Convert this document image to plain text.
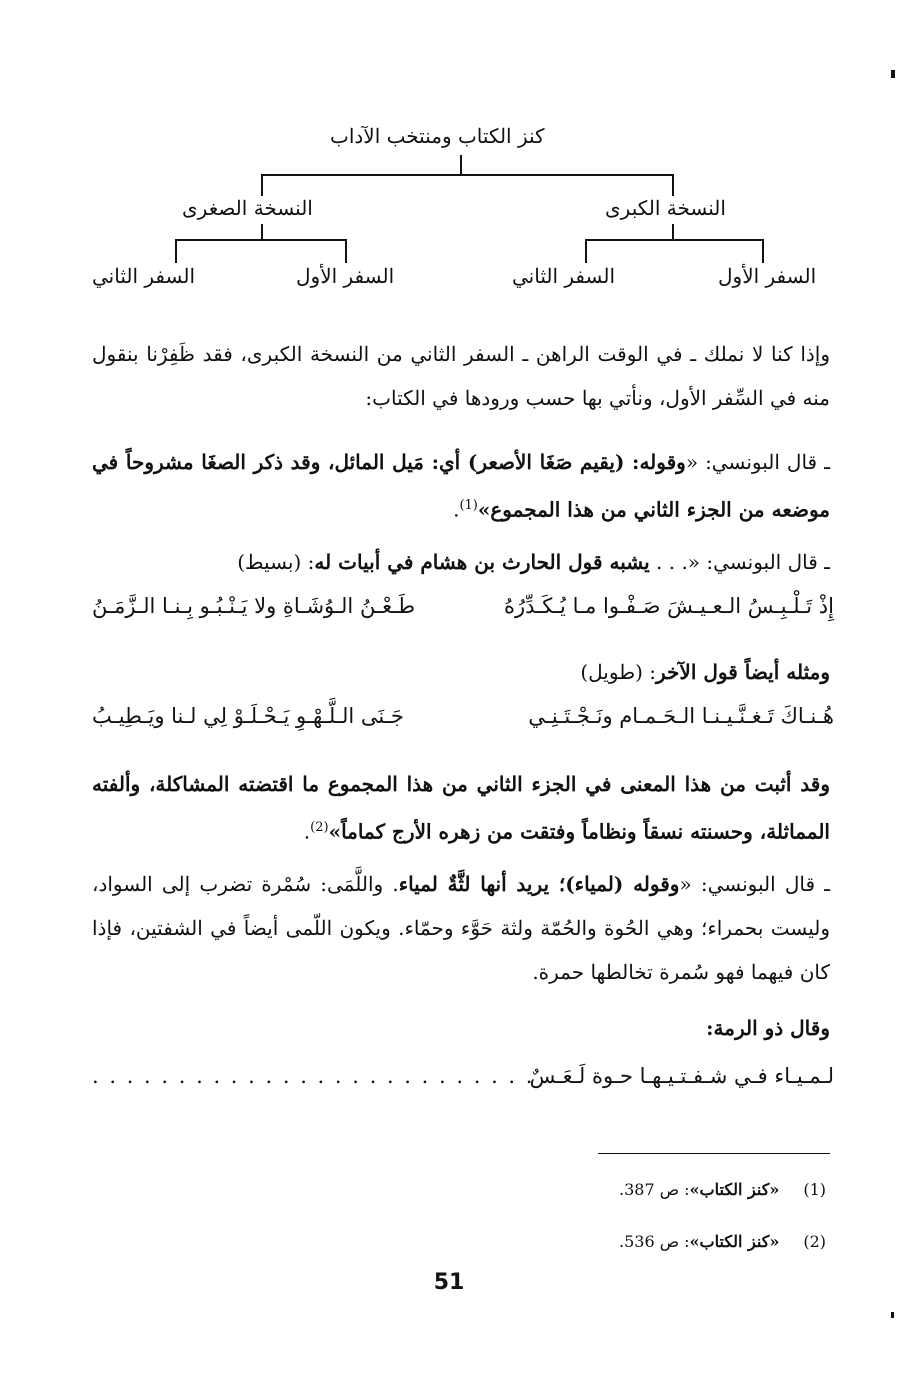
كنز الكتاب ومنتخب الآداب
النسخة الكبرى
النسخة الصغرى
السفر الأول
السفر الثاني
السفر الأول
السفر الثاني
وإذا كنا لا نملك ـ في الوقت الراهن ـ السفر الثاني من النسخة الكبرى، فقد ظَفِرْنا بنقول منه في السِّفر الأول، ونأتي بها حسب ورودها في الكتاب:
ـ قال البونسي: «وقوله: (يقيم صَغَا الأصعر) أي: مَيل المائل، وقد ذكر الصغَا مشروحاً في موضعه من الجزء الثاني من هذا المجموع»$^{(1)}$.
ـ قال البونسي: «. . . يشبه قول الحارث بن هشام في أبيات له: (بسيط)
إِذْ تَـلْـبِـسُ الـعـيـشَ صَـفْـوا مـا يُـكَـدِّرُهُ
طَـعْـنُ الـوُشَـاةِ ولا يَـنْـبُـو بِـنـا الـزَّمَـنُ
ومثله أيضاً قول الآخر: (طويل)
هُـنـاكَ تَـغـنَّـيـنـا الـحَـمـام ونَـجْـتَـنِـي
جَـنَى الـلَّـهْـوِ يَـحْـلَـوْ لِي لـنا ويَـطِيـبُ
وقد أثبت من هذا المعنى في الجزء الثاني من هذا المجموع ما اقتضته المشاكلة، وألفته المماثلة، وحسنته نسقاً ونظاماً وفتقت من زهره الأرج كماماً»$^{(2)}$.
ـ قال البونسي: «وقوله (لمياء)؛ يريد أنها لثَّةٌ لمياء. واللَّمَى: سُمْرة تضرب إلى السواد، وليست بحمراء؛ وهي الحُوة والحُمّة ولثة حَوَّء وحمّاء. ويكون اللّمى أيضاً في الشفتين، فإذا كان فيهما فهو سُمرة تخالطها حمرة.
وقال ذو الرمة:
لـمـيـاء فـي شـفـتـيـهـا حـوة لَـعَـسٌ
. . . . . . . . . . . . . . . . . . . . . . . . . .
(1)«كنز الكتاب»: ص 387.
(2)«كنز الكتاب»: ص 536.
51
